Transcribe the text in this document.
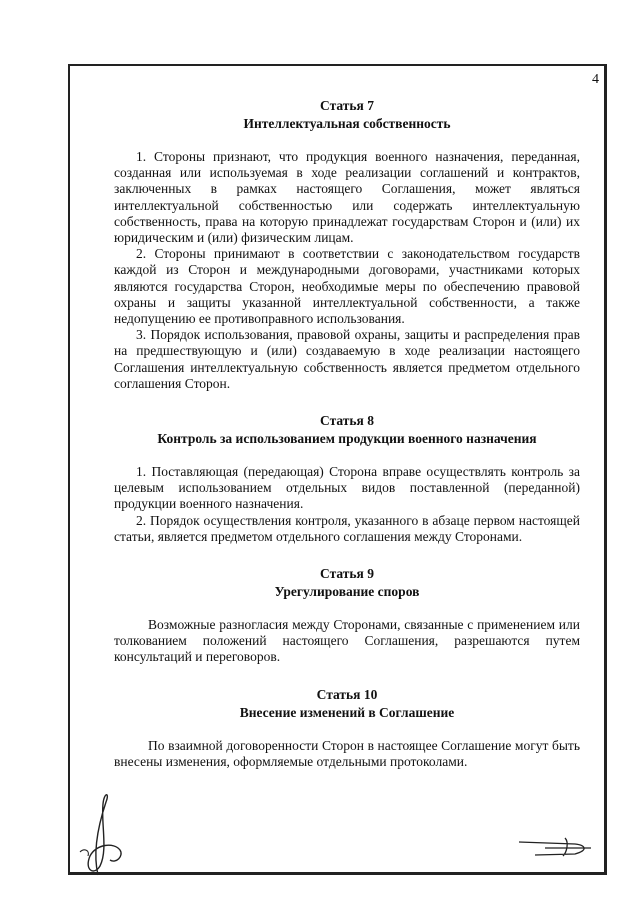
4

Статья 7

Интеллектуальная собственность

1. Стороны признают, что продукция военного назначения, переданная, созданная или используемая в ходе реализации соглашений и контрактов, заключенных в рамках настоящего Соглашения, может являться интеллектуальной собственностью или содержать интеллектуальную собственность, права на которую принадлежат государствам Сторон и (или) их юридическим и (или) физическим лицам.

2. Стороны принимают в соответствии с законодательством государств каждой из Сторон и международными договорами, участниками которых являются государства Сторон, необходимые меры по обеспечению правовой охраны и защиты указанной интеллектуальной собственности, а также недопущению ее противоправного использования.

3. Порядок использования, правовой охраны, защиты и распределения прав на предшествующую и (или) создаваемую в ходе реализации настоящего Соглашения интеллектуальную собственность является предметом отдельного соглашения Сторон.

Статья 8

Контроль за использованием продукции военного назначения

1. Поставляющая (передающая) Сторона вправе осуществлять контроль за целевым использованием отдельных видов поставленной (переданной) продукции военного назначения.

2. Порядок осуществления контроля, указанного в абзаце первом настоящей статьи, является предметом отдельного соглашения между Сторонами.

Статья 9

Урегулирование споров

Возможные разногласия между Сторонами, связанные с применением или толкованием положений настоящего Соглашения, разрешаются путем консультаций и переговоров.

Статья 10

Внесение изменений в Соглашение

По взаимной договоренности Сторон в настоящее Соглашение могут быть внесены изменения, оформляемые отдельными протоколами.
